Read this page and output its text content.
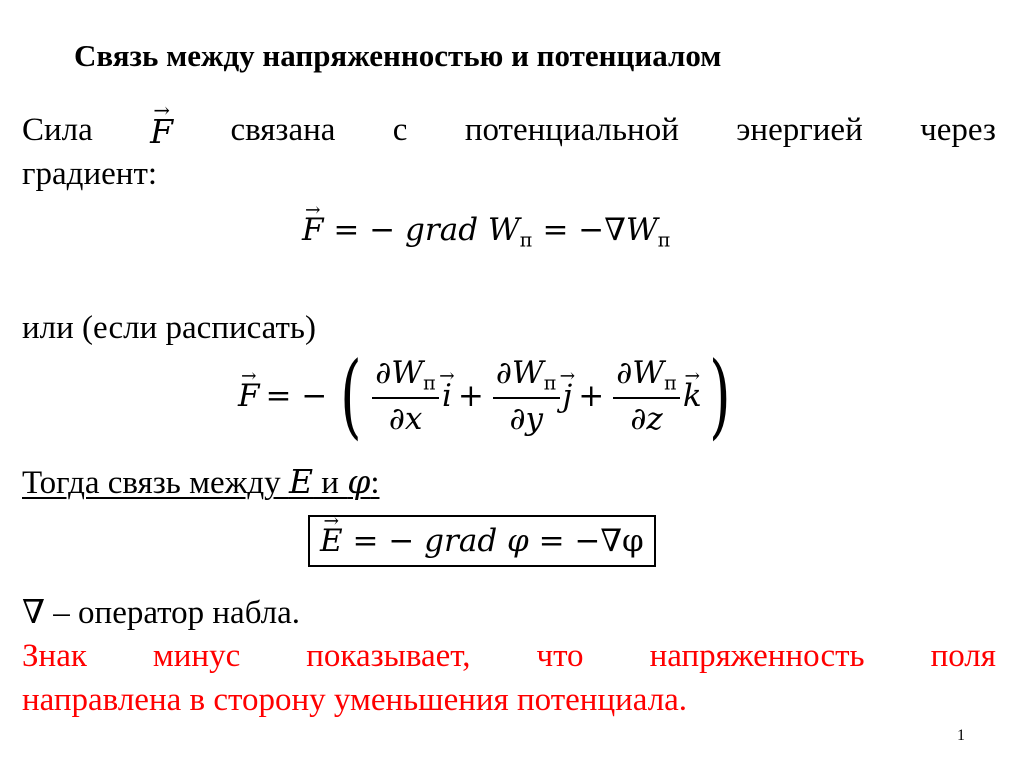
Связь между напряженностью и потенциалом
Сила
→ F связана с потенциальной энергией через
градиент:
→ F = − grad $W_п = -\nabla W_п$
или (если расписать)
→ F = − ( $\frac{\partial W_п}{\partial x}$
→ $i + \frac{\partial W_п}{\partial y}$
→ $j + \frac{\partial W_п}{\partial z}$
→ k )
Тогда связь между E и φ:
→ E = − grad φ = −∇φ
∇ – оператор набла.
Знак минус показывает, что напряженность поля
направлена в сторону уменьшения потенциала.
1
